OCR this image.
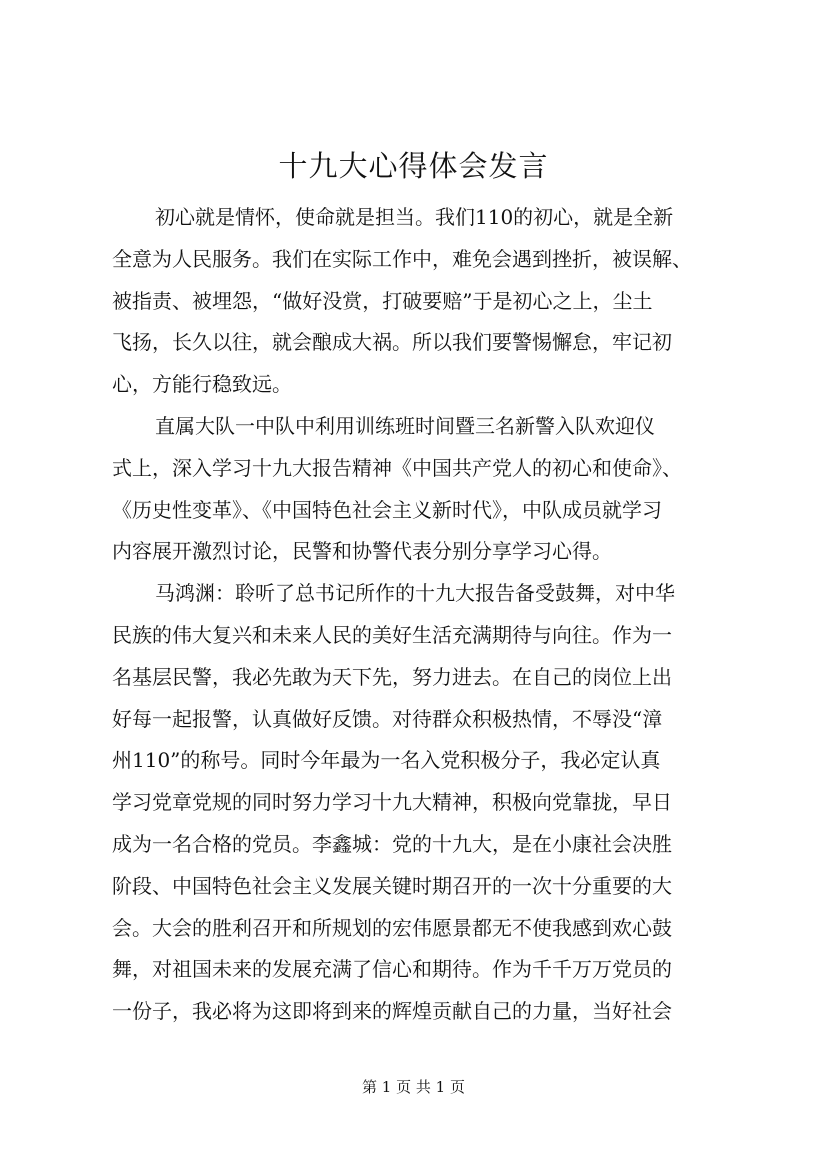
十九大心得体会发言
初心就是情怀，使命就是担当。我们110的初心，就是全新
全意为人民服务。我们在实际工作中，难免会遇到挫折，被误解、
被指责、被埋怨，“做好没赏，打破要赔”于是初心之上，尘土
飞扬，长久以往，就会酿成大祸。所以我们要警惕懈怠，牢记初
心，方能行稳致远。
直属大队一中队中利用训练班时间暨三名新警入队欢迎仪
式上，深入学习十九大报告精神《中国共产党人的初心和使命》、
《历史性变革》、《中国特色社会主义新时代》，中队成员就学习
内容展开激烈讨论，民警和协警代表分别分享学习心得。
马鸿渊：聆听了总书记所作的十九大报告备受鼓舞，对中华
民族的伟大复兴和未来人民的美好生活充满期待与向往。作为一
名基层民警，我必先敢为天下先，努力进去。在自己的岗位上出
好每一起报警，认真做好反馈。对待群众积极热情，不辱没“漳
州110”的称号。同时今年最为一名入党积极分子，我必定认真
学习党章党规的同时努力学习十九大精神，积极向党靠拢，早日
成为一名合格的党员。李鑫城：党的十九大，是在小康社会决胜
阶段、中国特色社会主义发展关键时期召开的一次十分重要的大
会。大会的胜利召开和所规划的宏伟愿景都无不使我感到欢心鼓
舞，对祖国未来的发展充满了信心和期待。作为千千万万党员的
一份子，我必将为这即将到来的辉煌贡献自己的力量，当好社会
第 1 页 共 1 页
